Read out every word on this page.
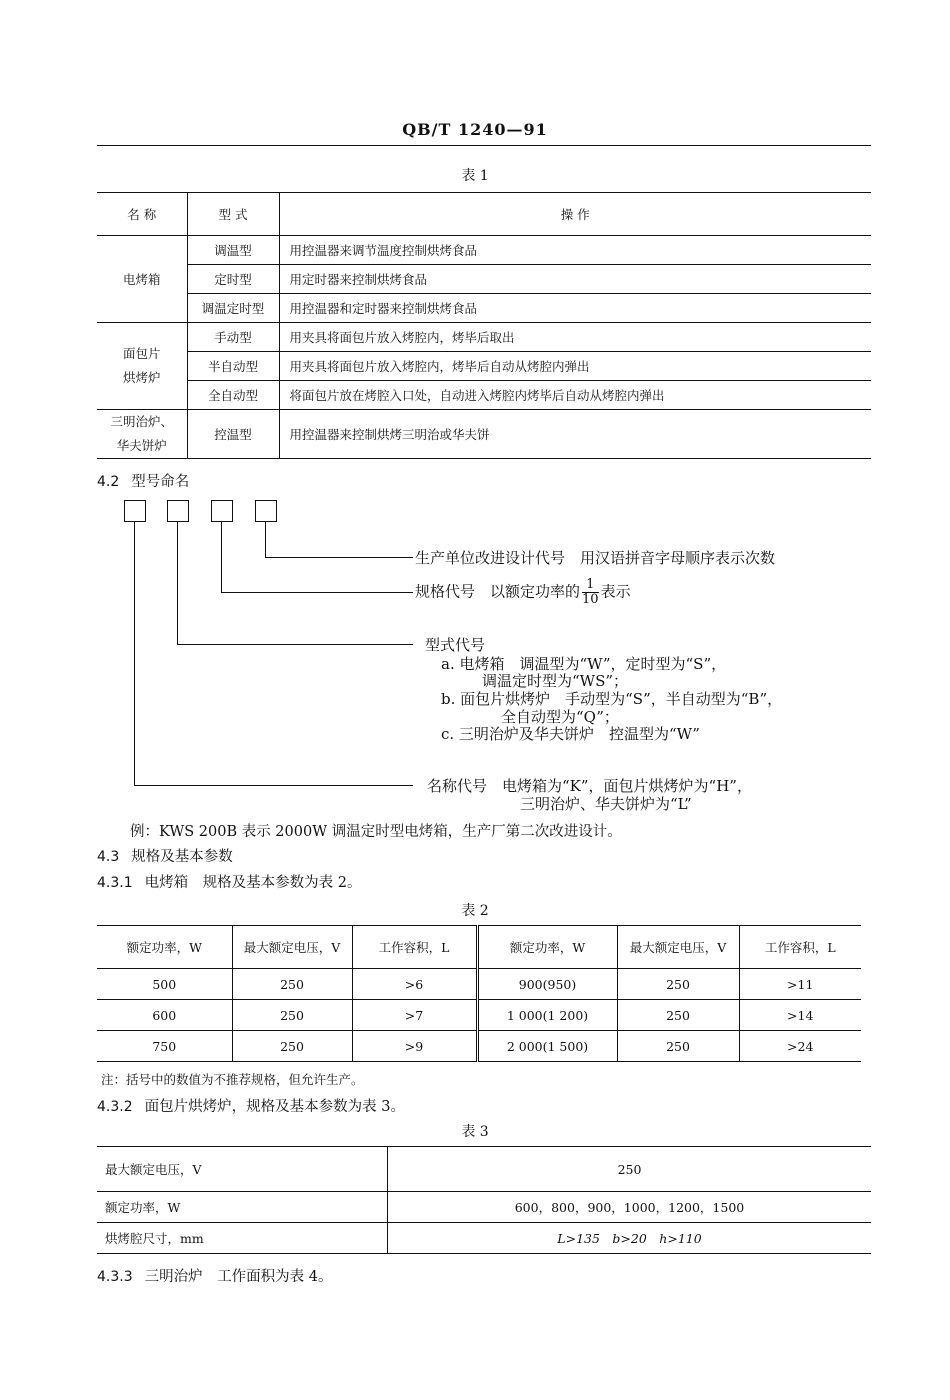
QB/T 1240—91
表 1
名 称	型 式	操 作
电烤箱	调温型	用控温器来调节温度控制烘烤食品
	定时型	用定时器来控制烘烤食品
	调温定时型	用控温器和定时器来控制烘烤食品

面包片
烘烤炉	手动型	用夹具将面包片放入烤腔内，烤毕后取出
	半自动型	用夹具将面包片放入烤腔内，烤毕后自动从烤腔内弹出
	全自动型	将面包片放在烤腔入口处，自动进入烤腔内烤毕后自动从烤腔内弹出

三明治炉、
华夫饼炉	控温型	用控温器来控制烘烤三明治或华夫饼
4.2 型号命名
生产单位改进设计代号　用汉语拼音字母顺序表示次数
规格代号　以额定功率的 $\frac{1}{10}$ 表示
型式代号
a. 电烤箱　调温型为“W”，定时型为“S”，
调温定时型为“WS”；
b. 面包片烘烤炉　手动型为“S”，半自动型为“B”，
全自动型为“Q”；
c. 三明治炉及华夫饼炉　控温型为“W”
名称代号　电烤箱为“K”，面包片烘烤炉为“H”，
三明治炉、华夫饼炉为“L”
例：KWS 200B 表示 2000W 调温定时型电烤箱，生产厂第二次改进设计。
4.3 规格及基本参数
4.3.1 电烤箱　规格及基本参数为表 2。
表 2
额定功率，W	最大额定电压，V	工作容积，L	额定功率，W	最大额定电压，V	工作容积，L
500	250	>6	900(950)	250	>11
600	250	>7	1 000(1 200)	250	>14
750	250	>9	2 000(1 500)	250	>24
注：括号中的数值为不推荐规格，但允许生产。
4.3.2 面包片烘烤炉，规格及基本参数为表 3。
表 3
最大额定电压，V	250
额定功率，W	600，800，900，1000，1200，1500
烘烤腔尺寸，mm	L>135　b>20　h>110
4.3.3 三明治炉　工作面积为表 4。
